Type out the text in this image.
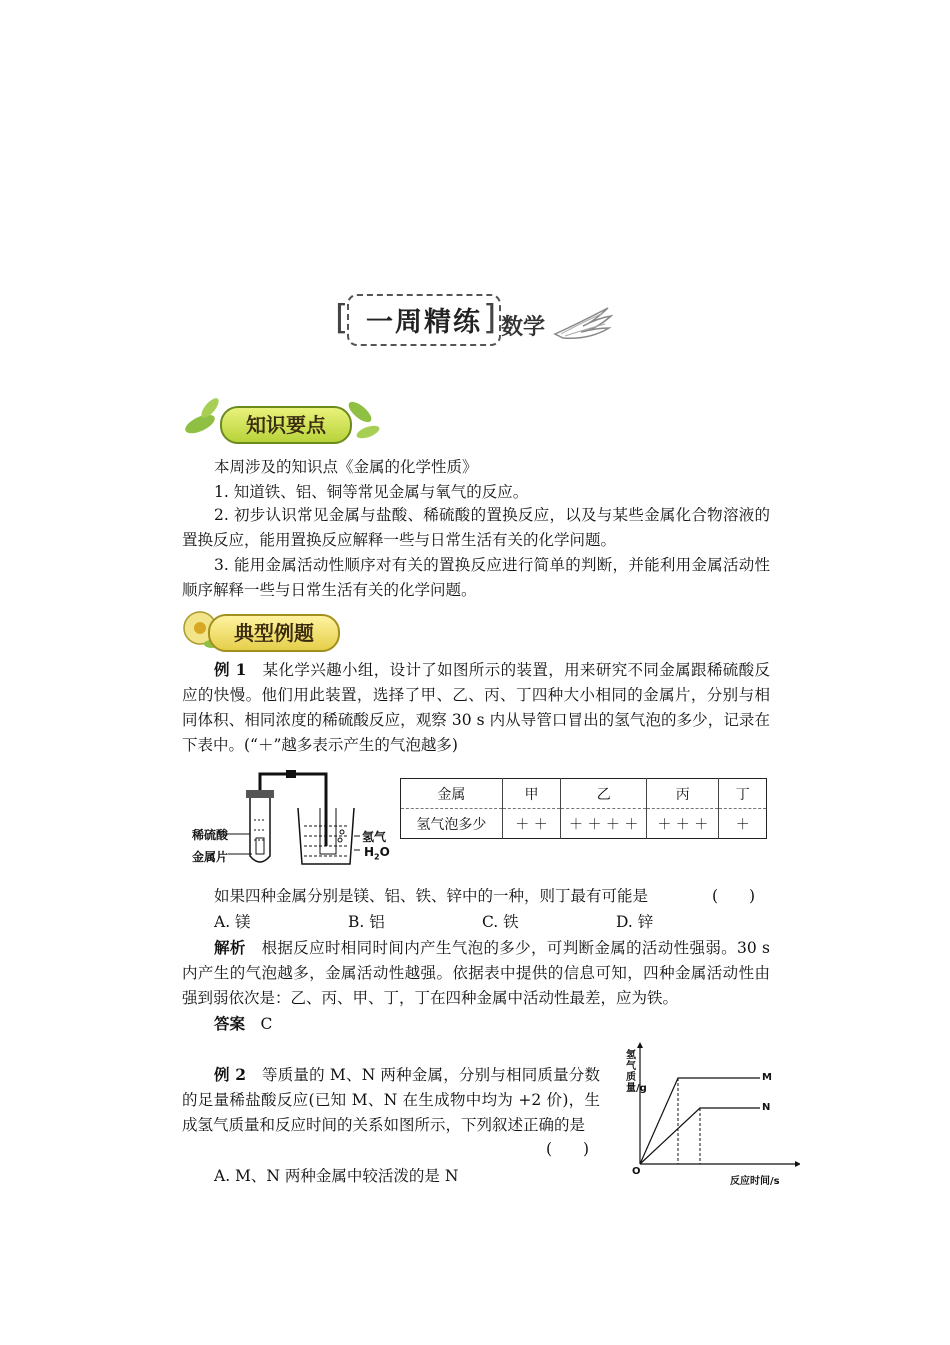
[ 一周精练 ] 数学
知识要点
本周涉及的知识点《金属的化学性质》
1. 知道铁、铝、铜等常见金属与氧气的反应。
2. 初步认识常见金属与盐酸、稀硫酸的置换反应，以及与某些金属化合物溶液的置换反应，能用置换反应解释一些与日常生活有关的化学问题。
3. 能用金属活动性顺序对有关的置换反应进行简单的判断，并能利用金属活动性顺序解释一些与日常生活有关的化学问题。
典型例题
例 1　 某化学兴趣小组，设计了如图所示的装置，用来研究不同金属跟稀硫酸反应的快慢。他们用此装置，选择了甲、乙、丙、丁四种大小相同的金属片，分别与相同体积、相同浓度的稀硫酸反应，观察 30 s 内从导管口冒出的氢气泡的多少，记录在下表中。(“＋”越多表示产生的气泡越多)
稀硫酸
金属片
氢气
$H_2O$
金属	甲	乙	丙	丁
氢气泡多少	＋ ＋	＋ ＋ ＋ ＋	＋ ＋ ＋	＋
如果四种金属分别是镁、铝、铁、锌中的一种，则丁最有可能是	(　　)
A. 镁	B. 铝	C. 铁	D. 锌
解析　 根据反应时相同时间内产生气泡的多少，可判断金属的活动性强弱。30 s 内产生的气泡越多，金属活动性越强。依据表中提供的信息可知，四种金属活动性由强到弱依次是：乙、丙、甲、丁，丁在四种金属中活动性最差，应为铁。
答案　 C
例 2　 等质量的 M、N 两种金属，分别与相同质量分数的足量稀盐酸反应(已知 M、N 在生成物中均为 +2 价)，生成氢气质量和反应时间的关系如图所示，下列叙述正确的是
(　　)
A. M、N 两种金属中较活泼的是 N
氢气质量/g
反应时间/s
O
M
N
